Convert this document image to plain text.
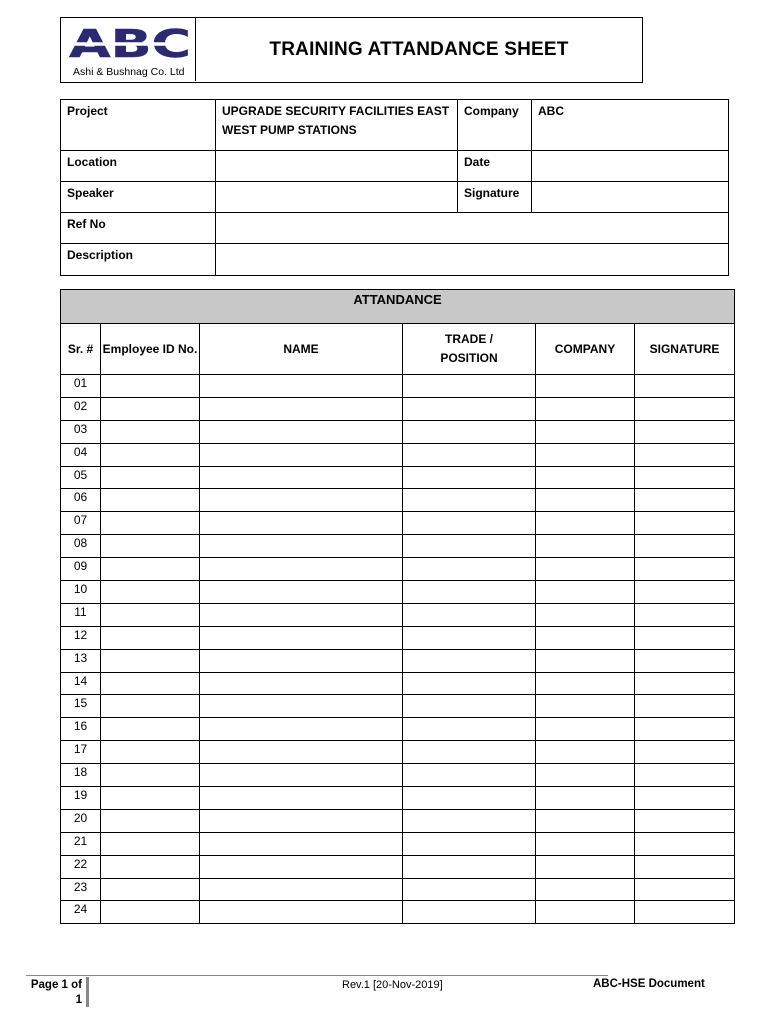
ABC
Ashi & Bushnag Co. Ltd
TRAINING ATTANDANCE SHEET
Project	UPGRADE SECURITY FACILITIES EAST WEST PUMP STATIONS	Company	ABC
Location		Date	
Speaker		Signature	
Ref No			
Description			
ATTANDANCE					
Sr. #	Employee ID No.	NAME	TRADE / POSITION	COMPANY	SIGNATURE
01					
02					
03					
04					
05					
06					
07					
08					
09					
10					
11					
12					
13					
14					
15					
16					
17					
18					
19					
20					
21					
22					
23					
24					
Page 1 of 1
Rev.1 [20-Nov-2019]	ABC-HSE Document
